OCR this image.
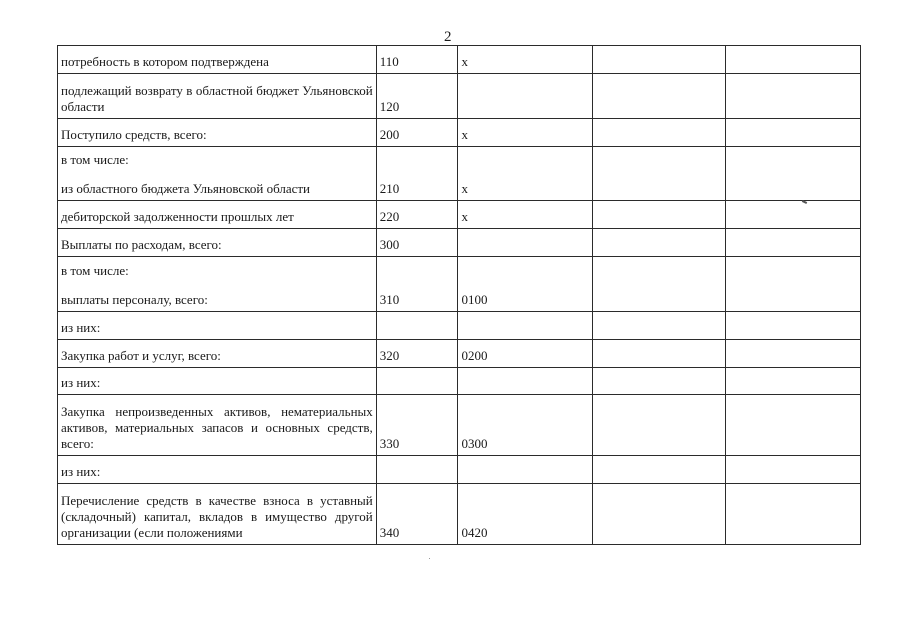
2
потребность в котором подтверждена	110	x		
подлежащий возврату в областной бюджет Ульяновской области	120			
Поступило средств, всего:	200	x		

в том числе:
из областного бюджета Ульяновской области	210	x		
дебиторской задолженности прошлых лет	220	x		
Выплаты по расходам, всего:	300			

в том числе:
выплаты персоналу, всего:	310	0100		
из них:				
Закупка работ и услуг, всего:	320	0200		
из них:				
Закупка непроизведенных активов, нематериальных активов, материальных запасов и основных средств, всего:	330	0300		
из них:				
Перечисление средств в качестве взноса в уставный (складочный) капитал, вкладов в имущество другой организации (если положениями	340	0420		
